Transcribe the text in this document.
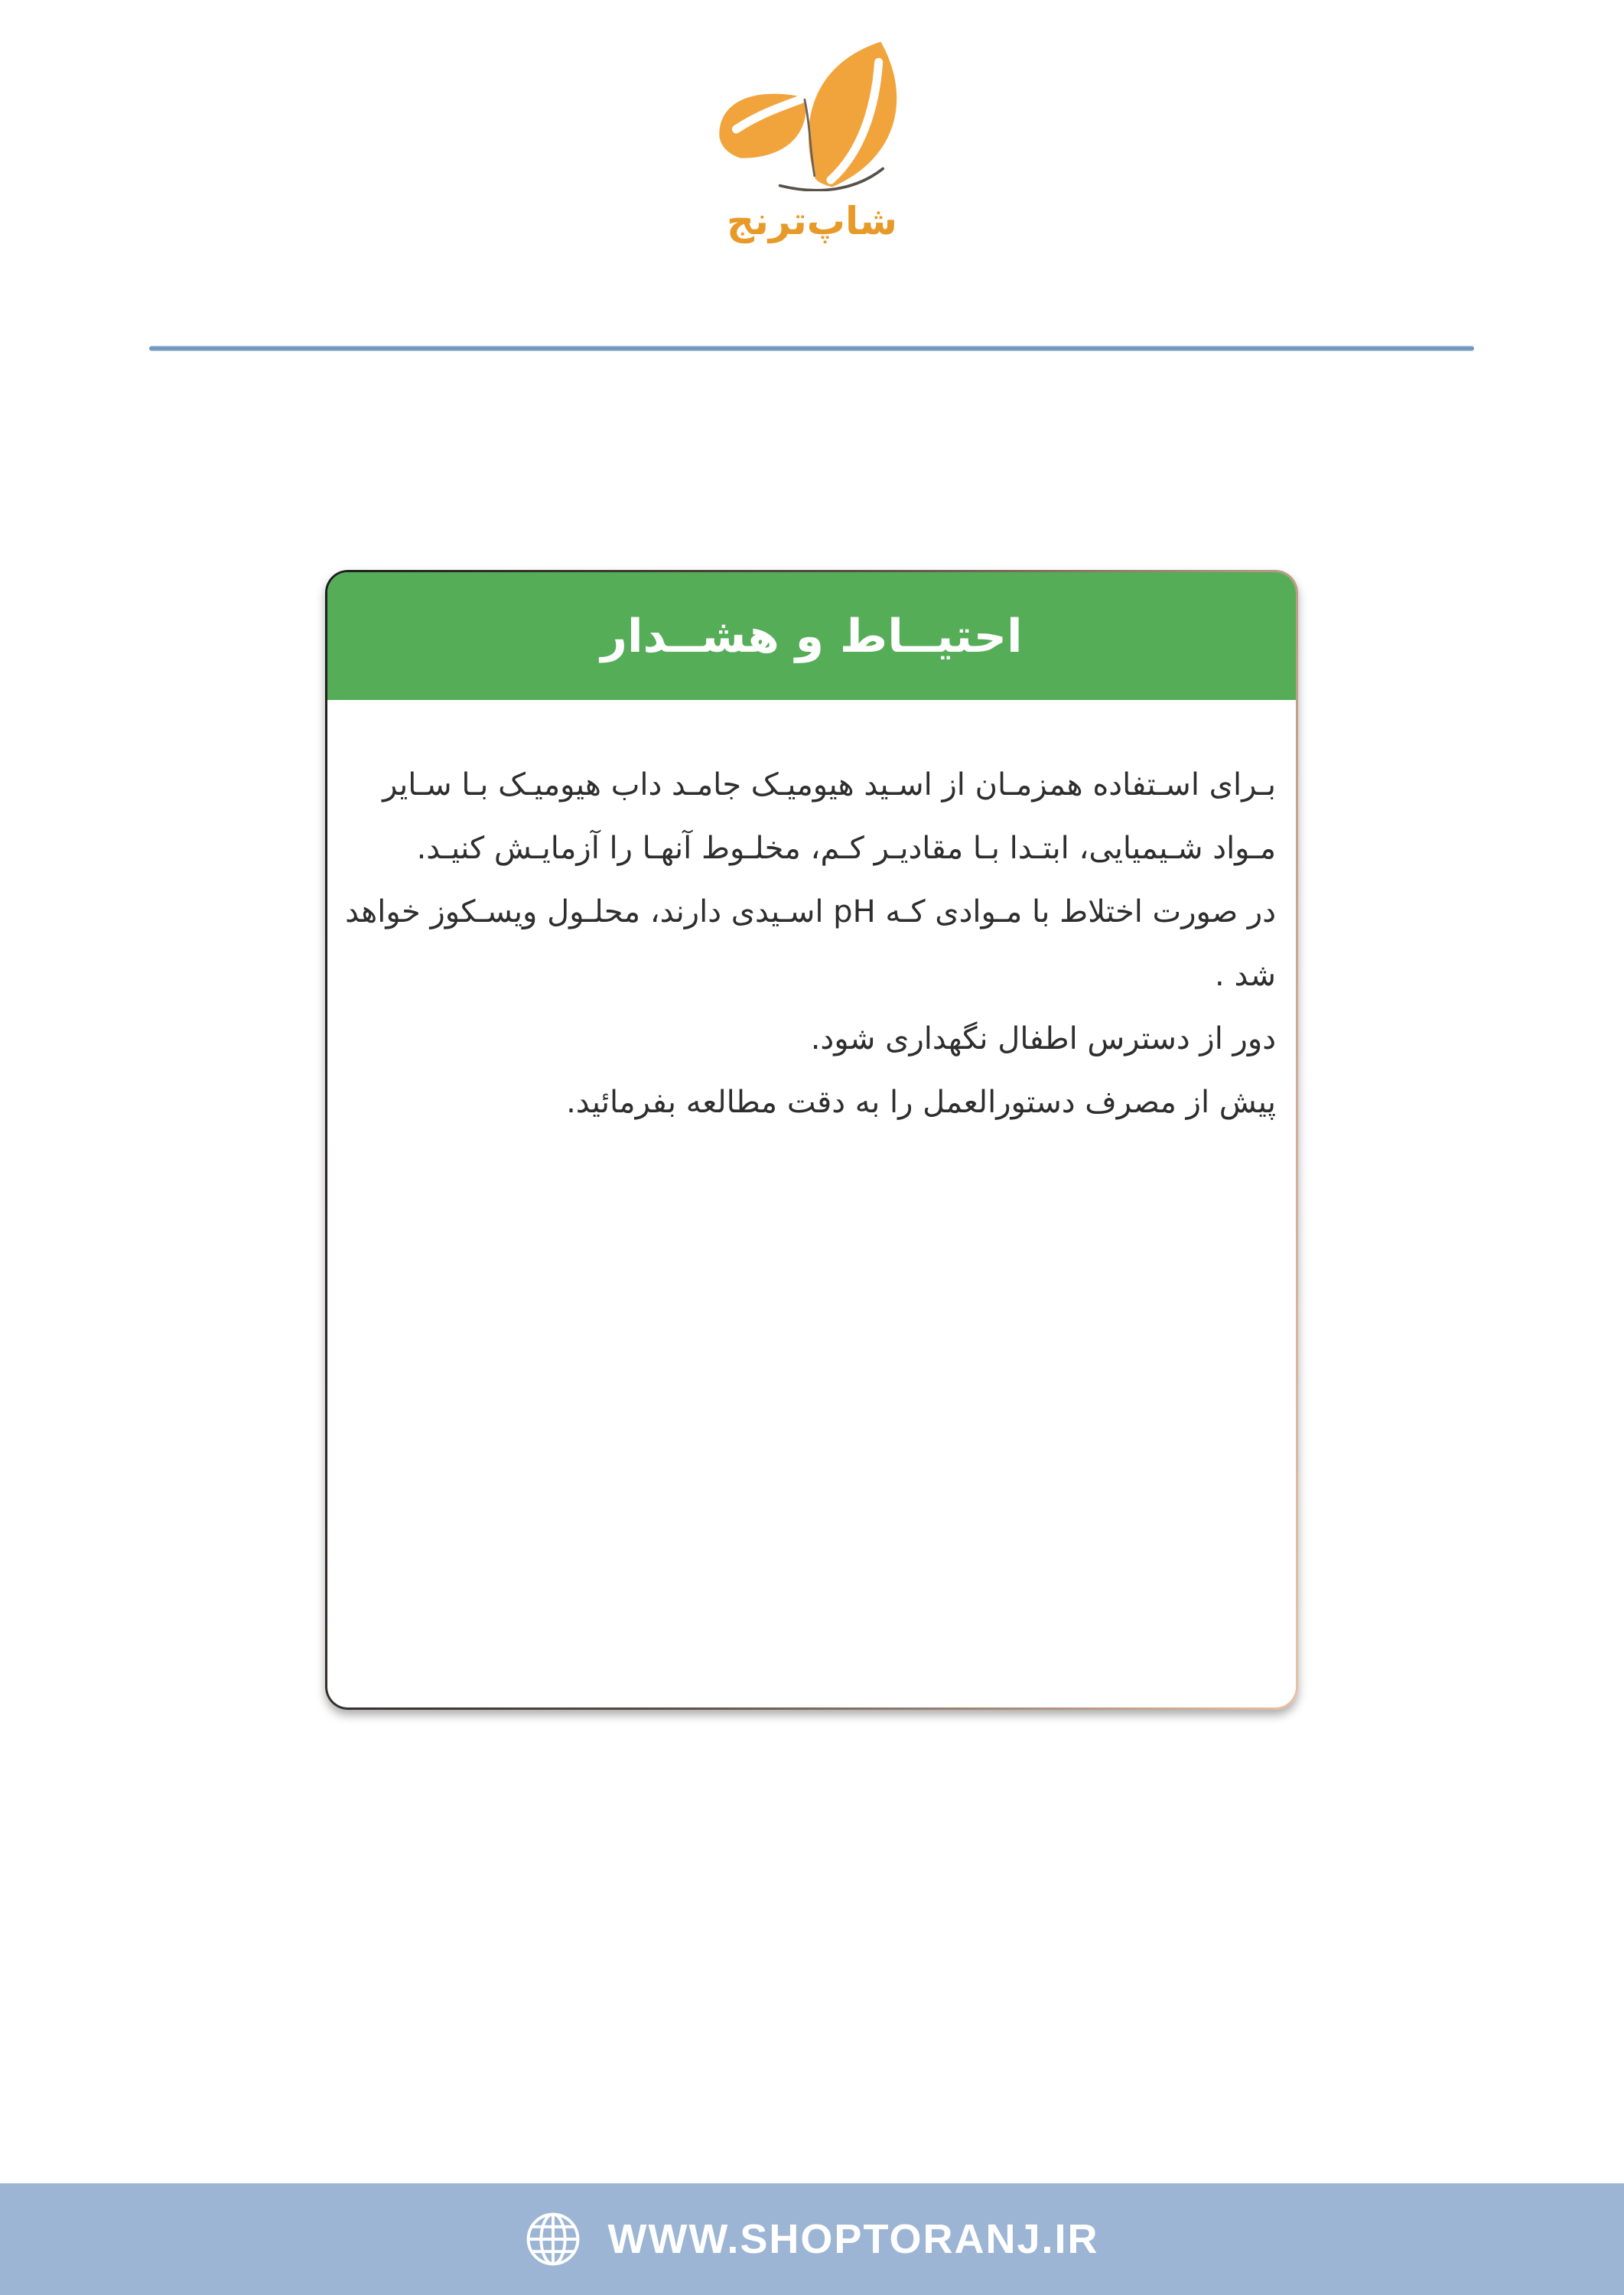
شاپ‌ترنج
احتیــاط و هشــدار
بـرای اسـتفاده همزمـان از اسـید هیومیـک جامـد داب هیومیـک بـا سـایر
مـواد شـیمیایی، ابتـدا بـا مقادیـر کـم، مخلـوط آنهـا را آزمایـش کنیـد.
در صورت اختلاط با مـوادی کـه pH اسـیدی دارند، محلـول ویسـکوز خواهد
شد .
دور از دسترس اطفال نگهداری شود.
پیش از مصرف دستورالعمل را به دقت مطالعه بفرمائید.
WWW.SHOPTORANJ.IR
